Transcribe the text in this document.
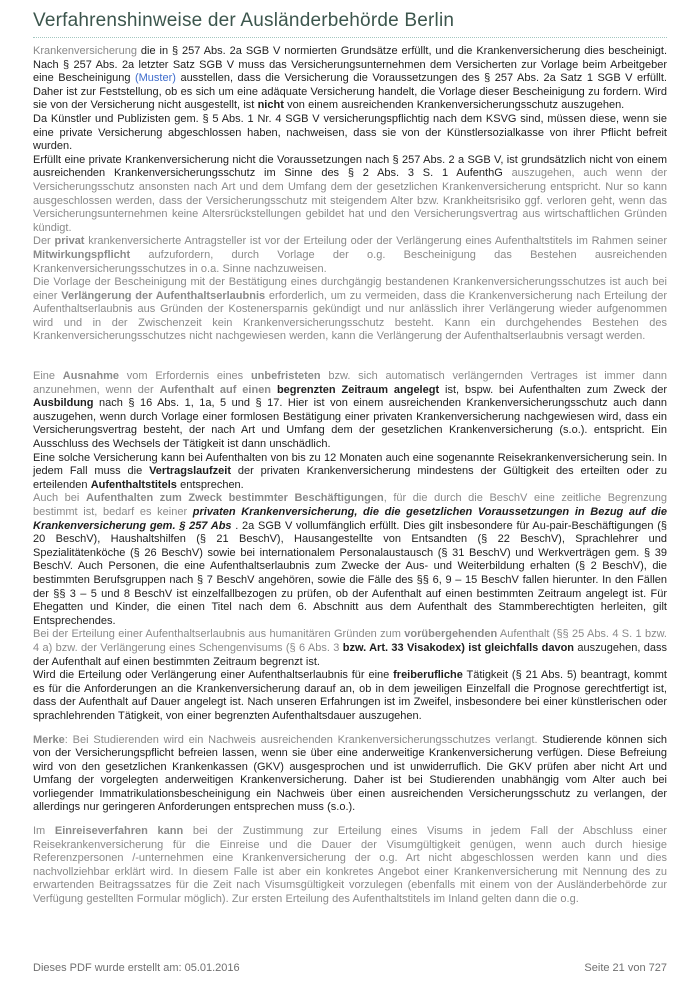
Verfahrenshinweise der Ausländerbehörde Berlin

Krankenversicherung die in § 257 Abs. 2a SGB V normierten Grundsätze erfüllt, und die Krankenversicherung dies bescheinigt. Nach § 257 Abs. 2a letzter Satz SGB V muss das Versicherungsunternehmen dem Versicherten zur Vorlage beim Arbeitgeber eine Bescheinigung (Muster) ausstellen, dass die Versicherung die Voraussetzungen des § 257 Abs. 2a Satz 1 SGB V erfüllt. Daher ist zur Feststellung, ob es sich um eine adäquate Versicherung handelt, die Vorlage dieser Bescheinigung zu fordern. Wird sie von der Versicherung nicht ausgestellt, ist nicht von einem ausreichenden Krankenversicherungsschutz auszugehen.

Da Künstler und Publizisten gem. § 5 Abs. 1 Nr. 4 SGB V versicherungspflichtig nach dem KSVG sind, müssen diese, wenn sie eine private Versicherung abgeschlossen haben, nachweisen, dass sie von der Künstlersozialkasse von ihrer Pflicht befreit wurden.

Erfüllt eine private Krankenversicherung nicht die Voraussetzungen nach § 257 Abs. 2 a SGB V, ist grundsätzlich nicht von einem ausreichenden Krankenversicherungsschutz im Sinne des § 2 Abs. 3 S. 1 AufenthG auszugehen, auch wenn der Versicherungsschutz ansonsten nach Art und dem Umfang dem der gesetzlichen Krankenversicherung entspricht. Nur so kann ausgeschlossen werden, dass der Versicherungsschutz mit steigendem Alter bzw. Krankheitsrisiko ggf. verloren geht, wenn das Versicherungsunternehmen keine Altersrückstellungen gebildet hat und den Versicherungsvertrag aus wirtschaftlichen Gründen kündigt.

Der privat krankenversicherte Antragsteller ist vor der Erteilung oder der Verlängerung eines Aufenthaltstitels im Rahmen seiner Mitwirkungspflicht aufzufordern, durch Vorlage der o.g. Bescheinigung das Bestehen ausreichenden Krankenversicherungsschutzes in o.a. Sinne nachzuweisen.

Die Vorlage der Bescheinigung mit der Bestätigung eines durchgängig bestandenen Krankenversicherungsschutzes ist auch bei einer Verlängerung der Aufenthaltserlaubnis erforderlich, um zu vermeiden, dass die Krankenversicherung nach Erteilung der Aufenthaltserlaubnis aus Gründen der Kostenersparnis gekündigt und nur anlässlich ihrer Verlängerung wieder aufgenommen wird und in der Zwischenzeit kein Krankenversicherungsschutz besteht. Kann ein durchgehendes Bestehen des Krankenversicherungsschutzes nicht nachgewiesen werden, kann die Verlängerung der Aufenthaltserlaubnis versagt werden.

Eine Ausnahme vom Erfordernis eines unbefristeten bzw. sich automatisch verlängernden Vertrages ist immer dann anzunehmen, wenn der Aufenthalt auf einen begrenzten Zeitraum angelegt ist, bspw. bei Aufenthalten zum Zweck der Ausbildung nach § 16 Abs. 1, 1a, 5 und § 17. Hier ist von einem ausreichenden Krankenversicherungsschutz auch dann auszugehen, wenn durch Vorlage einer formlosen Bestätigung einer privaten Krankenversicherung nachgewiesen wird, dass ein Versicherungsvertrag besteht, der nach Art und Umfang dem der gesetzlichen Krankenversicherung (s.o.). entspricht. Ein Ausschluss des Wechsels der Tätigkeit ist dann unschädlich.

Eine solche Versicherung kann bei Aufenthalten von bis zu 12 Monaten auch eine sogenannte Reisekrankenversicherung sein. In jedem Fall muss die Vertragslaufzeit der privaten Krankenversicherung mindestens der Gültigkeit des erteilten oder zu erteilenden Aufenthaltstitels entsprechen.

Auch bei Aufenthalten zum Zweck bestimmter Beschäftigungen, für die durch die BeschV eine zeitliche Begrenzung bestimmt ist, bedarf es keiner privaten Krankenversicherung, die die gesetzlichen Voraussetzungen in Bezug auf die Krankenversicherung gem. § 257 Abs . 2a SGB V vollumfänglich erfüllt. Dies gilt insbesondere für Au-pair-Beschäftigungen (§ 20 BeschV), Haushaltshilfen (§ 21 BeschV), Hausangestellte von Entsandten (§ 22 BeschV), Sprachlehrer und Spezialitätenköche (§ 26 BeschV) sowie bei internationalem Personalaustausch (§ 31 BeschV) und Werkverträgen gem. § 39 BeschV. Auch Personen, die eine Aufenthaltserlaubnis zum Zwecke der Aus- und Weiterbildung erhalten (§ 2 BeschV), die bestimmten Berufsgruppen nach § 7 BeschV angehören, sowie die Fälle des §§ 6, 9 – 15 BeschV fallen hierunter. In den Fällen der §§ 3 – 5 und 8 BeschV ist einzelfallbezogen zu prüfen, ob der Aufenthalt auf einen bestimmten Zeitraum angelegt ist. Für Ehegatten und Kinder, die einen Titel nach dem 6. Abschnitt aus dem Aufenthalt des Stammberechtigten herleiten, gilt Entsprechendes.

Bei der Erteilung einer Aufenthaltserlaubnis aus humanitären Gründen zum vorübergehenden Aufenthalt (§§ 25 Abs. 4 S. 1 bzw. 4 a) bzw. der Verlängerung eines Schengenvisums (§ 6 Abs. 3 bzw. Art. 33 Visakodex) ist gleichfalls davon auszugehen, dass der Aufenthalt auf einen bestimmten Zeitraum begrenzt ist.

Wird die Erteilung oder Verlängerung einer Aufenthaltserlaubnis für eine freiberufliche Tätigkeit (§ 21 Abs. 5) beantragt, kommt es für die Anforderungen an die Krankenversicherung darauf an, ob in dem jeweiligen Einzelfall die Prognose gerechtfertigt ist, dass der Aufenthalt auf Dauer angelegt ist. Nach unseren Erfahrungen ist im Zweifel, insbesondere bei einer künstlerischen oder sprachlehrenden Tätigkeit, von einer begrenzten Aufenthaltsdauer auszugehen.

Merke: Bei Studierenden wird ein Nachweis ausreichenden Krankenversicherungsschutzes verlangt. Studierende können sich von der Versicherungspflicht befreien lassen, wenn sie über eine anderweitige Krankenversicherung verfügen. Diese Befreiung wird von den gesetzlichen Krankenkassen (GKV) ausgesprochen und ist unwiderruflich. Die GKV prüfen aber nicht Art und Umfang der vorgelegten anderweitigen Krankenversicherung. Daher ist bei Studierenden unabhängig vom Alter auch bei vorliegender Immatrikulationsbescheinigung ein Nachweis über einen ausreichenden Versicherungsschutz zu verlangen, der allerdings nur geringeren Anforderungen entsprechen muss (s.o.).

Im Einreiseverfahren kann bei der Zustimmung zur Erteilung eines Visums in jedem Fall der Abschluss einer Reisekrankenversicherung für die Einreise und die Dauer der Visumgültigkeit genügen, wenn auch durch hiesige Referenzpersonen /-unternehmen eine Krankenversicherung der o.g. Art nicht abgeschlossen werden kann und dies nachvollziehbar erklärt wird. In diesem Falle ist aber ein konkretes Angebot einer Krankenversicherung mit Nennung des zu erwartenden Beitragssatzes für die Zeit nach Visumsgültigkeit vorzulegen (ebenfalls mit einem von der Ausländerbehörde zur Verfügung gestellten Formular möglich). Zur ersten Erteilung des Aufenthaltstitels im Inland gelten dann die o.g.

Dieses PDF wurde erstellt am: 05.01.2016	Seite 21 von 727
